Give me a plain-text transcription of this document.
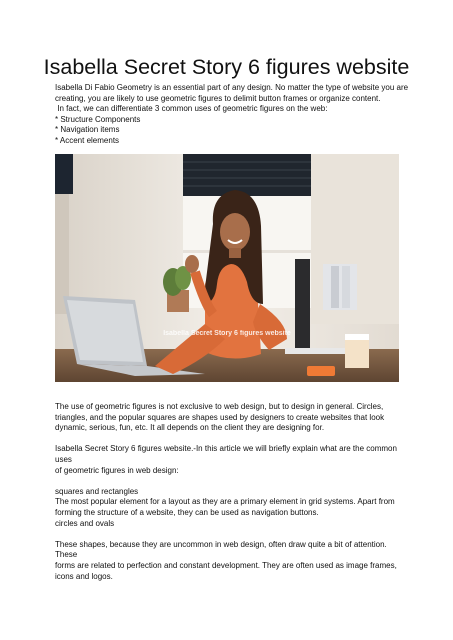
Isabella Secret Story 6 figures website
Isabella Di Fabio Geometry is an essential part of any design. No matter the type of website you are
creating, you are likely to use geometric figures to delimit button frames or organize content.
In fact, we can differentiate 3 common uses of geometric figures on the web:
* Structure Components
* Navigation items
* Accent elements
Isabella Secret Story 6 figures website

The use of geometric figures is not exclusive to web design, but to design in general. Circles,
triangles, and the popular squares are shapes used by designers to create websites that look
dynamic, serious, fun, etc. It all depends on the client they are designing for.

Isabella Secret Story 6 figures website.-In this article we will briefly explain what are the common uses
of geometric figures in web design:

squares and rectangles
The most popular element for a layout as they are a primary element in grid systems. Apart from
forming the structure of a website, they can be used as navigation buttons.
circles and ovals

These shapes, because they are uncommon in web design, often draw quite a bit of attention. These
forms are related to perfection and constant development. They are often used as image frames,
icons and logos.
